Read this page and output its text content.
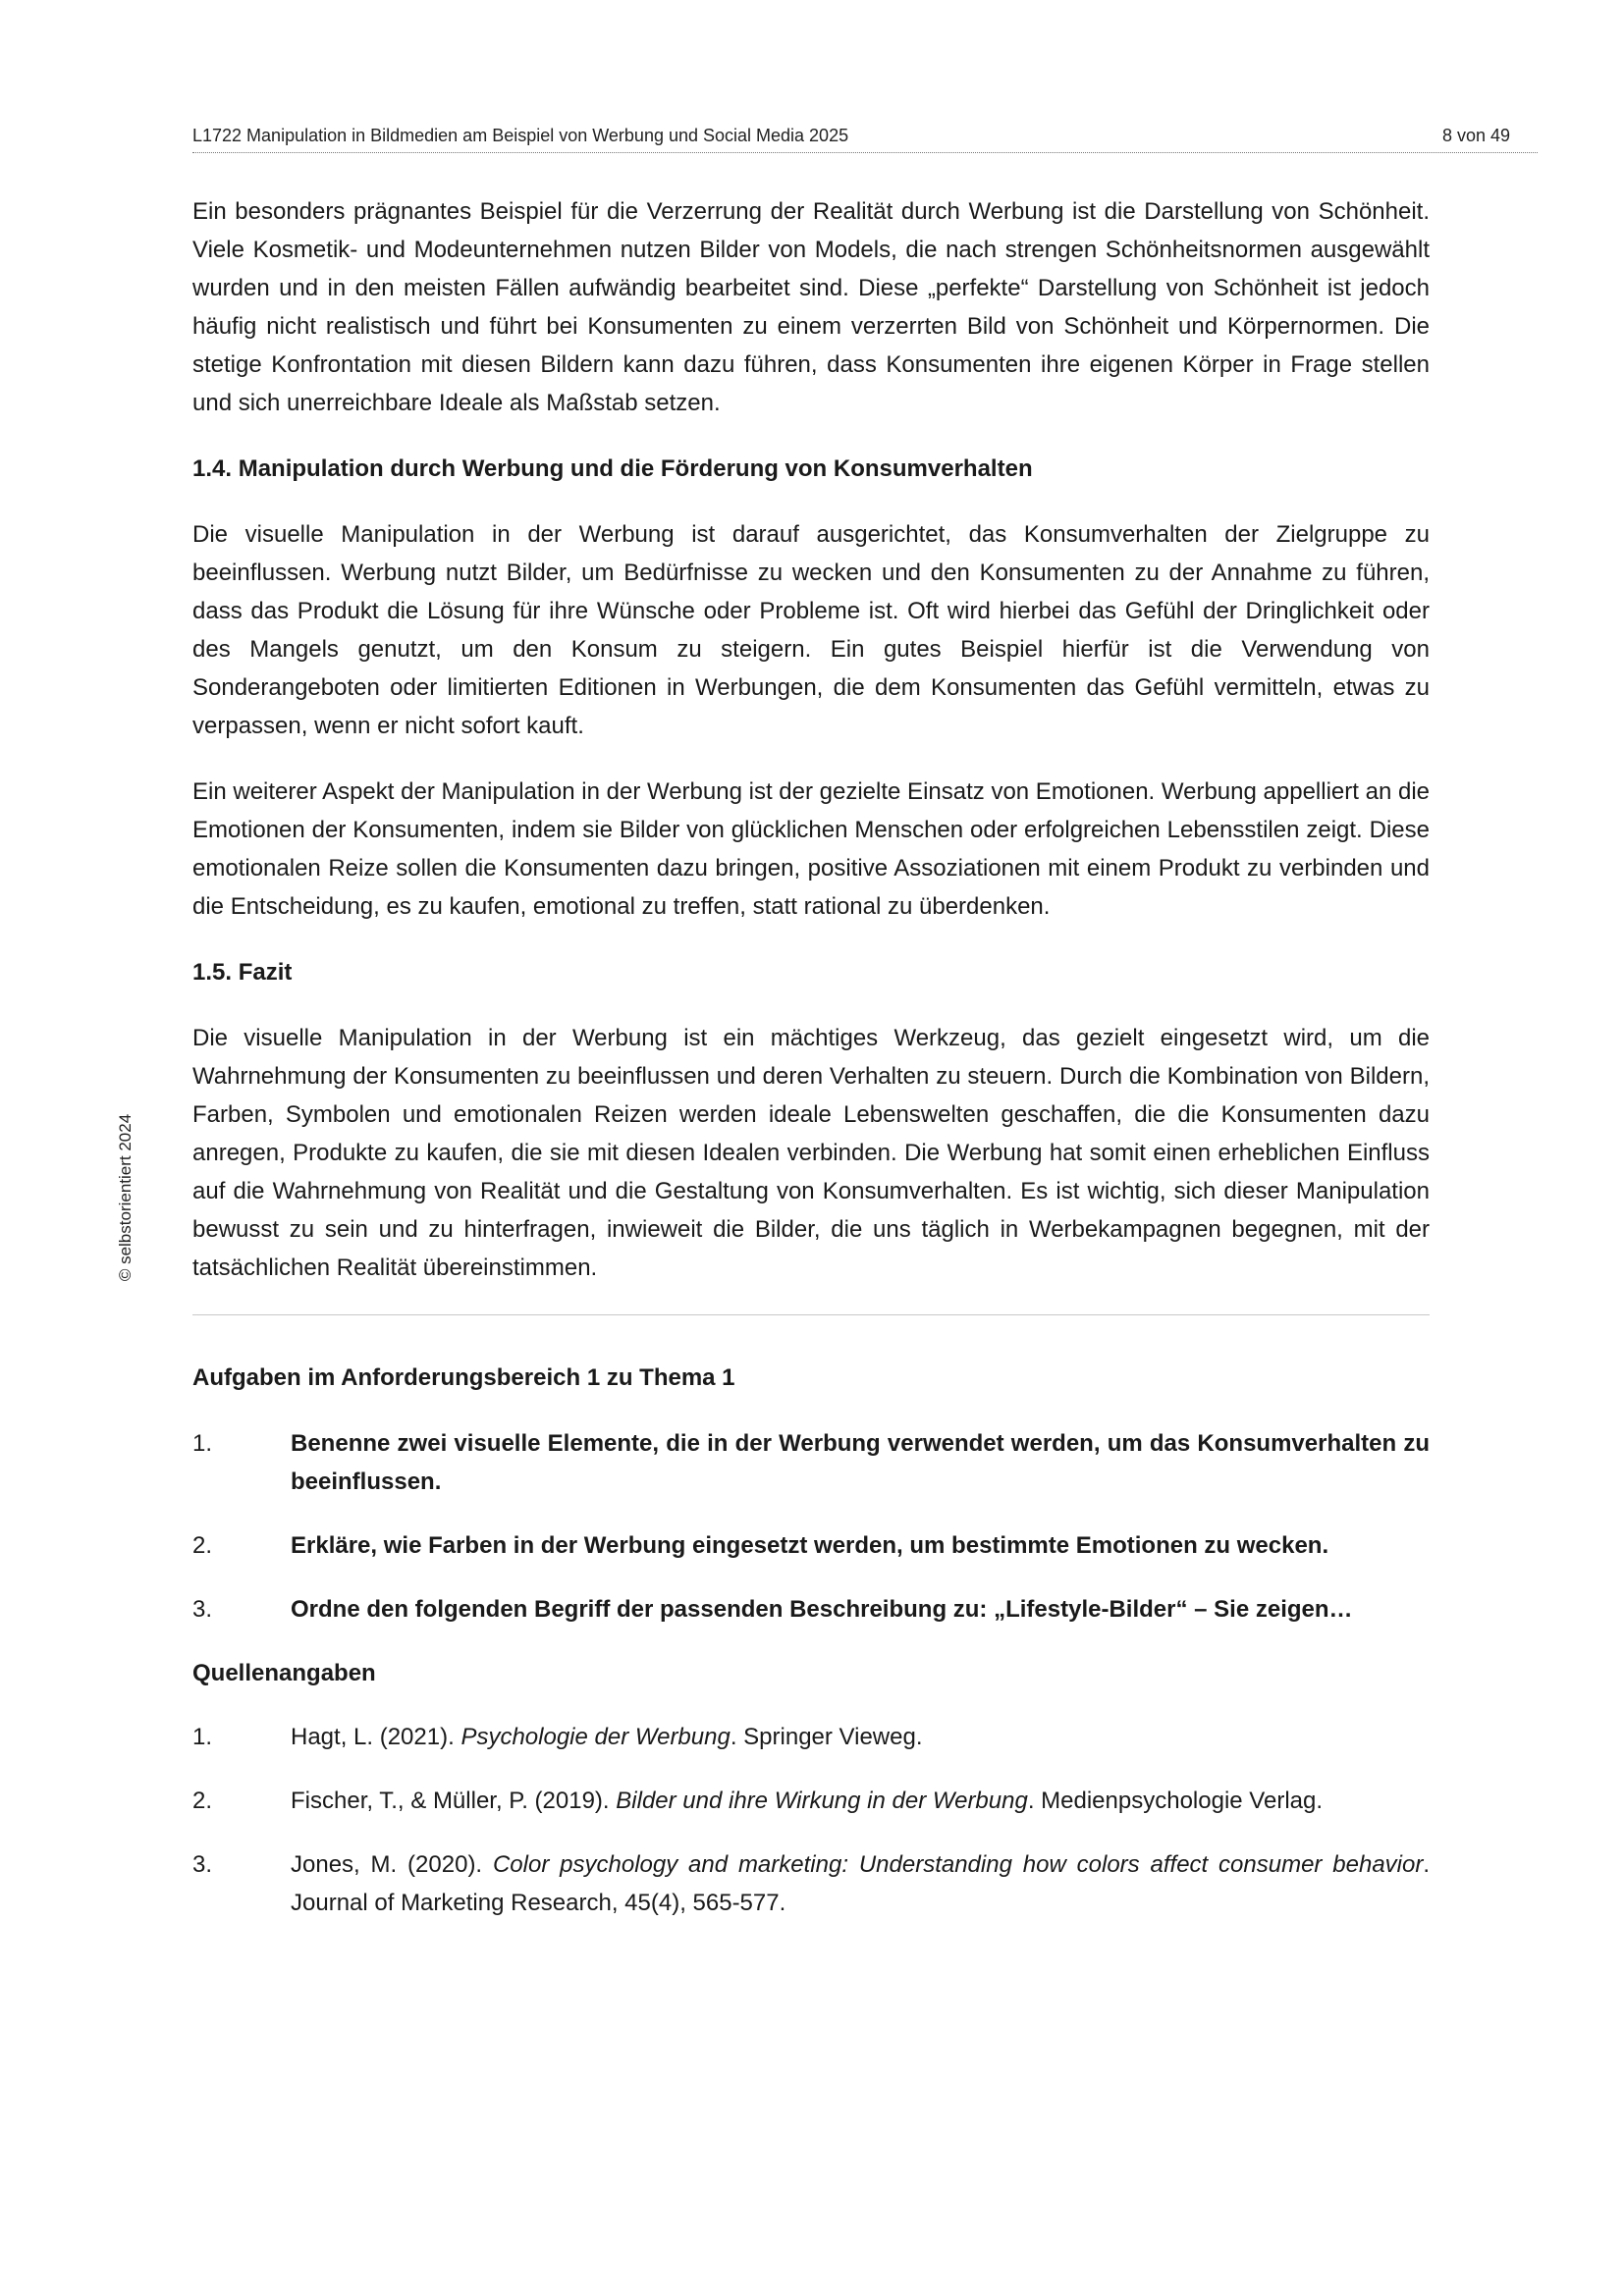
L1722 Manipulation in Bildmedien am Beispiel von Werbung und Social Media 2025	8 von 49
© selbstorientiert 2024

Ein besonders prägnantes Beispiel für die Verzerrung der Realität durch Werbung ist die Darstellung von Schönheit. Viele Kosmetik- und Modeunternehmen nutzen Bilder von Models, die nach strengen Schönheitsnormen ausgewählt wurden und in den meisten Fällen aufwändig bearbeitet sind. Diese „perfekte“ Darstellung von Schönheit ist jedoch häufig nicht realistisch und führt bei Konsumenten zu einem verzerrten Bild von Schönheit und Körpernormen. Die stetige Konfrontation mit diesen Bildern kann dazu führen, dass Konsumenten ihre eigenen Körper in Frage stellen und sich unerreichbare Ideale als Maßstab setzen.

1.4. Manipulation durch Werbung und die Förderung von Konsumverhalten

Die visuelle Manipulation in der Werbung ist darauf ausgerichtet, das Konsumverhalten der Zielgruppe zu beeinflussen. Werbung nutzt Bilder, um Bedürfnisse zu wecken und den Konsumenten zu der Annahme zu führen, dass das Produkt die Lösung für ihre Wünsche oder Probleme ist. Oft wird hierbei das Gefühl der Dringlichkeit oder des Mangels genutzt, um den Konsum zu steigern. Ein gutes Beispiel hierfür ist die Verwendung von Sonderangeboten oder limitierten Editionen in Werbungen, die dem Konsumenten das Gefühl vermitteln, etwas zu verpassen, wenn er nicht sofort kauft.

Ein weiterer Aspekt der Manipulation in der Werbung ist der gezielte Einsatz von Emotionen. Werbung appelliert an die Emotionen der Konsumenten, indem sie Bilder von glücklichen Menschen oder erfolgreichen Lebensstilen zeigt. Diese emotionalen Reize sollen die Konsumenten dazu bringen, positive Assoziationen mit einem Produkt zu verbinden und die Entscheidung, es zu kaufen, emotional zu treffen, statt rational zu überdenken.

1.5. Fazit

Die visuelle Manipulation in der Werbung ist ein mächtiges Werkzeug, das gezielt eingesetzt wird, um die Wahrnehmung der Konsumenten zu beeinflussen und deren Verhalten zu steuern. Durch die Kombination von Bildern, Farben, Symbolen und emotionalen Reizen werden ideale Lebenswelten geschaffen, die die Konsumenten dazu anregen, Produkte zu kaufen, die sie mit diesen Idealen verbinden. Die Werbung hat somit einen erheblichen Einfluss auf die Wahrnehmung von Realität und die Gestaltung von Konsumverhalten. Es ist wichtig, sich dieser Manipulation bewusst zu sein und zu hinterfragen, inwieweit die Bilder, die uns täglich in Werbekampagnen begegnen, mit der tatsächlichen Realität übereinstimmen.

Aufgaben im Anforderungsbereich 1 zu Thema 1
1.	Benenne zwei visuelle Elemente, die in der Werbung verwendet werden, um das Konsumverhalten zu beeinflussen.
2.	Erkläre, wie Farben in der Werbung eingesetzt werden, um bestimmte Emotionen zu wecken.
3.	Ordne den folgenden Begriff der passenden Beschreibung zu: „Lifestyle-Bilder“ – Sie zeigen…
Quellenangaben
1.	Hagt, L. (2021). Psychologie der Werbung. Springer Vieweg.
2.	Fischer, T., & Müller, P. (2019). Bilder und ihre Wirkung in der Werbung. Medienpsychologie Verlag.
3.	Jones, M. (2020). Color psychology and marketing: Understanding how colors affect consumer behavior. Journal of Marketing Research, 45(4), 565-577.
